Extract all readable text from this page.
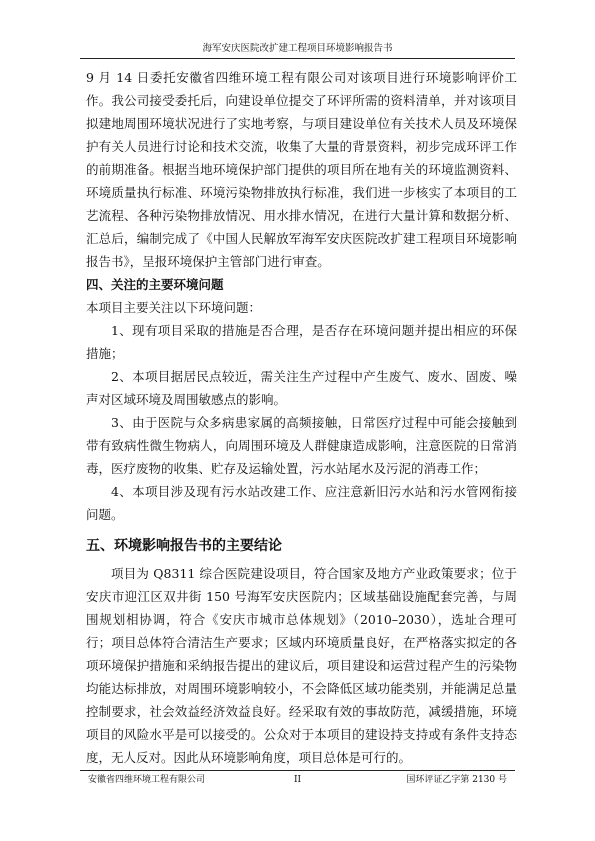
海军安庆医院改扩建工程项目环境影响报告书

9 月 14 日委托安徽省四维环境工程有限公司对该项目进行环境影响评价工作。我公司接受委托后，向建设单位提交了环评所需的资料清单，并对该项目拟建地周围环境状况进行了实地考察，与项目建设单位有关技术人员及环境保护有关人员进行讨论和技术交流，收集了大量的背景资料，初步完成环评工作的前期准备。根据当地环境保护部门提供的项目所在地有关的环境监测资料、环境质量执行标准、环境污染物排放执行标准，我们进一步核实了本项目的工艺流程、各种污染物排放情况、用水排水情况，在进行大量计算和数据分析、汇总后，编制完成了《中国人民解放军海军安庆医院改扩建工程项目环境影响报告书》，呈报环境保护主管部门进行审查。

四、关注的主要环境问题

本项目主要关注以下环境问题：

1、现有项目采取的措施是否合理，是否存在环境问题并提出相应的环保措施；

2、本项目据居民点较近，需关注生产过程中产生废气、废水、固废、噪声对区域环境及周围敏感点的影响。

3、由于医院与众多病患家属的高频接触，日常医疗过程中可能会接触到带有致病性微生物病人，向周围环境及人群健康造成影响，注意医院的日常消毒，医疗废物的收集、贮存及运输处置，污水站尾水及污泥的消毒工作；

4、本项目涉及现有污水站改建工作、应注意新旧污水站和污水管网衔接问题。

五、环境影响报告书的主要结论

项目为 Q8311 综合医院建设项目，符合国家及地方产业政策要求；位于安庆市迎江区双井街 150 号海军安庆医院内；区域基础设施配套完善，与周围规划相协调，符合《安庆市城市总体规划》（2010–2030），选址合理可行；项目总体符合清洁生产要求；区域内环境质量良好，在严格落实拟定的各项环境保护措施和采纳报告提出的建议后，项目建设和运营过程产生的污染物均能达标排放，对周围环境影响较小，不会降低区域功能类别，并能满足总量控制要求，社会效益经济效益良好。经采取有效的事故防范，减缓措施，环境项目的风险水平是可以接受的。公众对于本项目的建设持支持或有条件支持态度，无人反对。因此从环境影响角度，项目总体是可行的。

安徽省四维环境工程有限公司	II	国环评证乙字第 2130 号
